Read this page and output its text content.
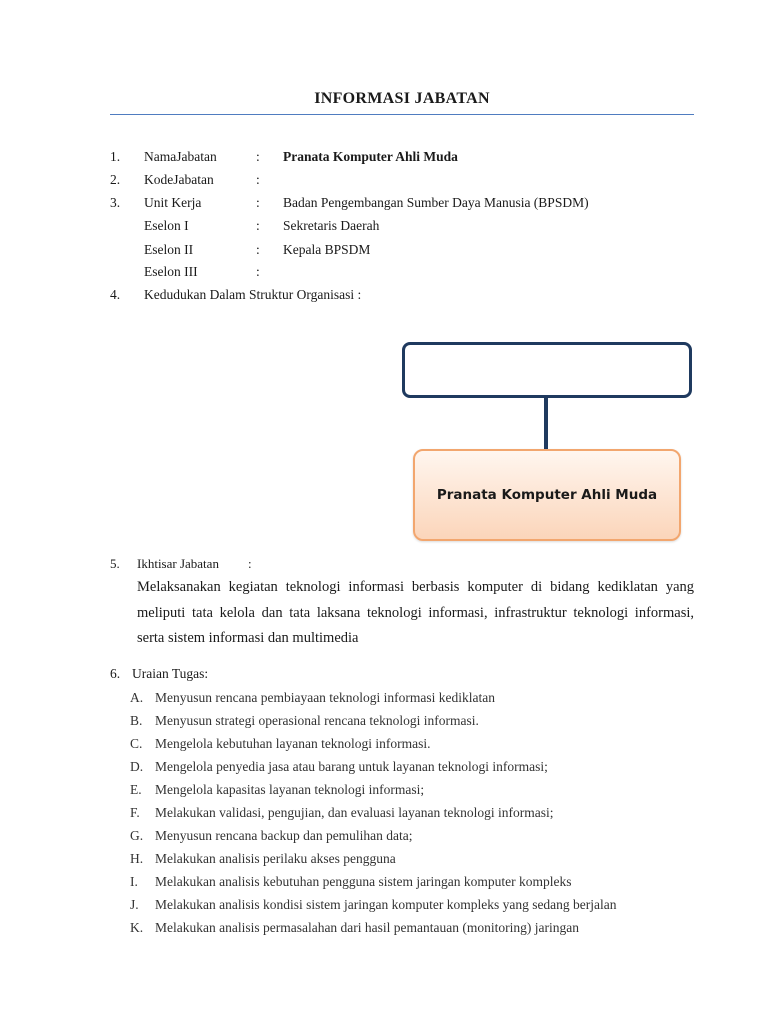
INFORMASI JABATAN
1. NamaJabatan	: Pranata Komputer Ahli Muda
2. KodeJabatan	:
3. Unit Kerja	: Badan Pengembangan Sumber Daya Manusia (BPSDM)
Eselon I	: Sekretaris Daerah
Eselon II	: Kepala BPSDM
Eselon III	:
4. Kedudukan Dalam Struktur Organisasi :
Pranata Komputer Ahli Muda
5. Ikhtisar Jabatan :
Melaksanakan kegiatan teknologi informasi berbasis komputer di bidang kediklatan yang meliputi tata kelola dan tata laksana teknologi informasi, infrastruktur teknologi informasi, serta sistem informasi dan multimedia
6. Uraian Tugas:
A. Menyusun rencana pembiayaan teknologi informasi kediklatan
B. Menyusun strategi operasional rencana teknologi informasi.
C. Mengelola kebutuhan layanan teknologi informasi.
D. Mengelola penyedia jasa atau barang untuk layanan teknologi informasi;
E. Mengelola kapasitas layanan teknologi informasi;
F. Melakukan validasi, pengujian, dan evaluasi layanan teknologi informasi;
G. Menyusun rencana backup dan pemulihan data;
H. Melakukan analisis perilaku akses pengguna
I. Melakukan analisis kebutuhan pengguna sistem jaringan komputer kompleks
J. Melakukan analisis kondisi sistem jaringan komputer kompleks yang sedang berjalan
K. Melakukan analisis permasalahan dari hasil pemantauan (monitoring) jaringan
